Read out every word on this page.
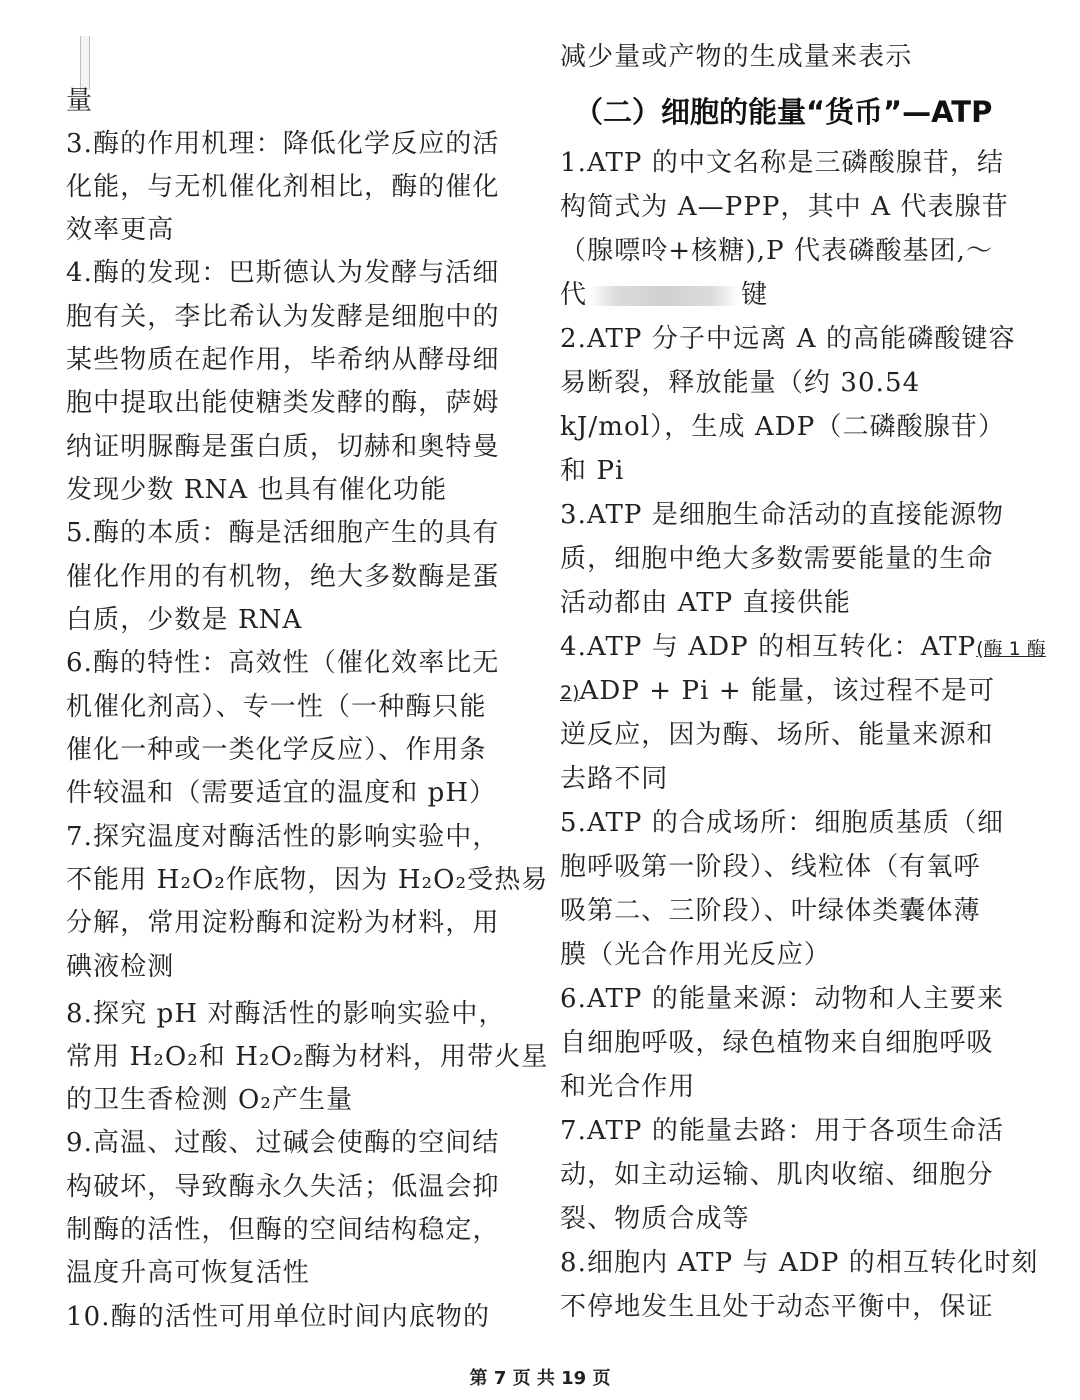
量
3.酶的作用机理：降低化学反应的活
化能，与无机催化剂相比，酶的催化
效率更高
4.酶的发现：巴斯德认为发酵与活细
胞有关，李比希认为发酵是细胞中的
某些物质在起作用，毕希纳从酵母细
胞中提取出能使糖类发酵的酶，萨姆
纳证明脲酶是蛋白质，切赫和奥特曼
发现少数 RNA 也具有催化功能
5.酶的本质：酶是活细胞产生的具有
催化作用的有机物，绝大多数酶是蛋
白质，少数是 RNA
6.酶的特性：高效性（催化效率比无
机催化剂高）、专一性（一种酶只能
催化一种或一类化学反应）、作用条
件较温和（需要适宜的温度和 pH）
7.探究温度对酶活性的影响实验中，
不能用 H₂O₂作底物，因为 H₂O₂受热易
分解，常用淀粉酶和淀粉为材料，用
碘液检测
8.探究 pH 对酶活性的影响实验中，
常用 H₂O₂和 H₂O₂酶为材料，用带火星
的卫生香检测 O₂产生量
9.高温、过酸、过碱会使酶的空间结
构破坏，导致酶永久失活；低温会抑
制酶的活性，但酶的空间结构稳定，
温度升高可恢复活性
10.酶的活性可用单位时间内底物的
减少量或产物的生成量来表示
（二）细胞的能量“货币”—ATP
1.ATP 的中文名称是三磷酸腺苷，结
构简式为 A—PPP，其中 A 代表腺苷
（腺嘌呤+核糖),P 代表磷酸基团,～
代	键
2.ATP 分子中远离 A 的高能磷酸键容
易断裂，释放能量（约 30.54
kJ/mol），生成 ADP（二磷酸腺苷）
和 Pi
3.ATP 是细胞生命活动的直接能源物
质，细胞中绝大多数需要能量的生命
活动都由 ATP 直接供能
4.ATP 与 ADP 的相互转化：ATP(酶 1 酶
2)ADP + Pi + 能量，该过程不是可
逆反应，因为酶、场所、能量来源和
去路不同
5.ATP 的合成场所：细胞质基质（细
胞呼吸第一阶段）、线粒体（有氧呼
吸第二、三阶段）、叶绿体类囊体薄
膜（光合作用光反应）
6.ATP 的能量来源：动物和人主要来
自细胞呼吸，绿色植物来自细胞呼吸
和光合作用
7.ATP 的能量去路：用于各项生命活
动，如主动运输、肌肉收缩、细胞分
裂、物质合成等
8.细胞内 ATP 与 ADP 的相互转化时刻
不停地发生且处于动态平衡中，保证
第 7 页 共 19 页
